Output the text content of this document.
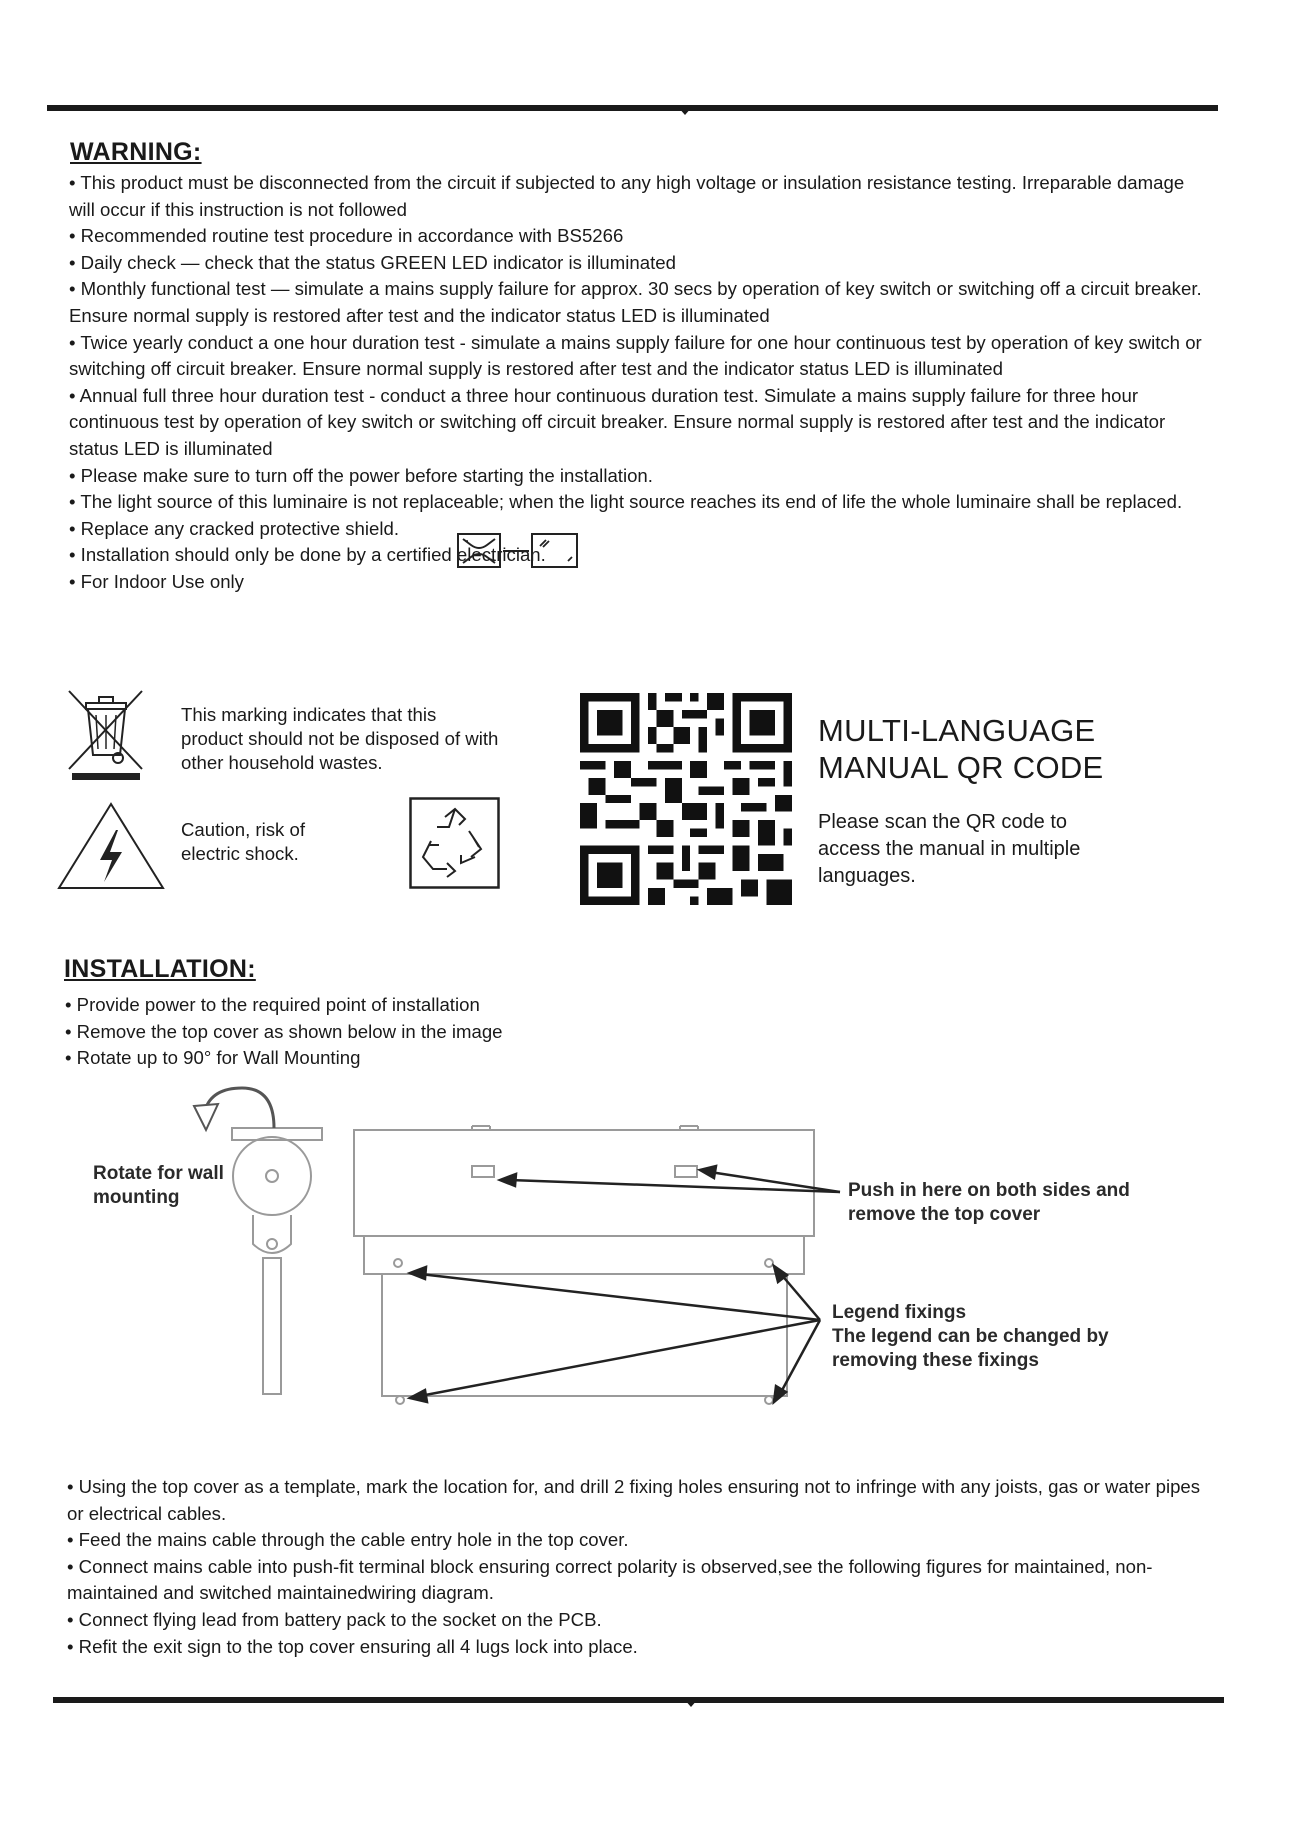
WARNING:

• This product must be disconnected from the circuit if subjected to any high voltage or insulation resistance testing. Irreparable damage will occur if this instruction is not followed

• Recommended routine test procedure in accordance with BS5266

• Daily check — check that the status GREEN LED indicator is illuminated

• Monthly functional test — simulate a mains supply failure for approx. 30 secs by operation of key switch or switching off a circuit breaker. Ensure normal supply is restored after test and the indicator status LED is illuminated

• Twice yearly conduct a one hour duration test - simulate a mains supply failure for one hour continuous test by operation of key switch or switching off circuit breaker. Ensure normal supply is restored after test and the indicator status LED is illuminated

• Annual full three hour duration test - conduct a three hour continuous duration test. Simulate a mains supply failure for three hour continuous test by operation of key switch or switching off circuit breaker. Ensure normal supply is restored after test and the indicator status LED is illuminated

• Please make sure to turn off the power before starting the installation.

• The light source of this luminaire is not replaceable; when the light source reaches its end of life the whole luminaire shall be replaced.

• Replace any cracked protective shield.

• Installation should only be done by a certified electrician.

• For Indoor Use only

This marking indicates that this product should not be disposed of with other household wastes.
Caution, risk of electric shock.
MULTI-LANGUAGE
MANUAL QR CODE
Please scan the QR code to access the manual in multiple languages.
INSTALLATION:

• Provide power to the required point of installation

• Remove the top cover as shown below in the image

• Rotate up to 90° for Wall Mounting

Rotate for wall
mounting	Push in here on both sides and
remove the top cover
Legend fixings
The legend can be changed by
removing these fixings

• Using the top cover as a template, mark the location for, and drill 2 fixing holes ensuring not to infringe with any joists, gas or water pipes or electrical cables.

• Feed the mains cable through the cable entry hole in the top cover.

• Connect mains cable into push-fit terminal block ensuring correct polarity is observed,see the following figures for maintained, non-maintained and switched maintainedwiring diagram.

• Connect flying lead from battery pack to the socket on the PCB.

• Refit the exit sign to the top cover ensuring all 4 lugs lock into place.
